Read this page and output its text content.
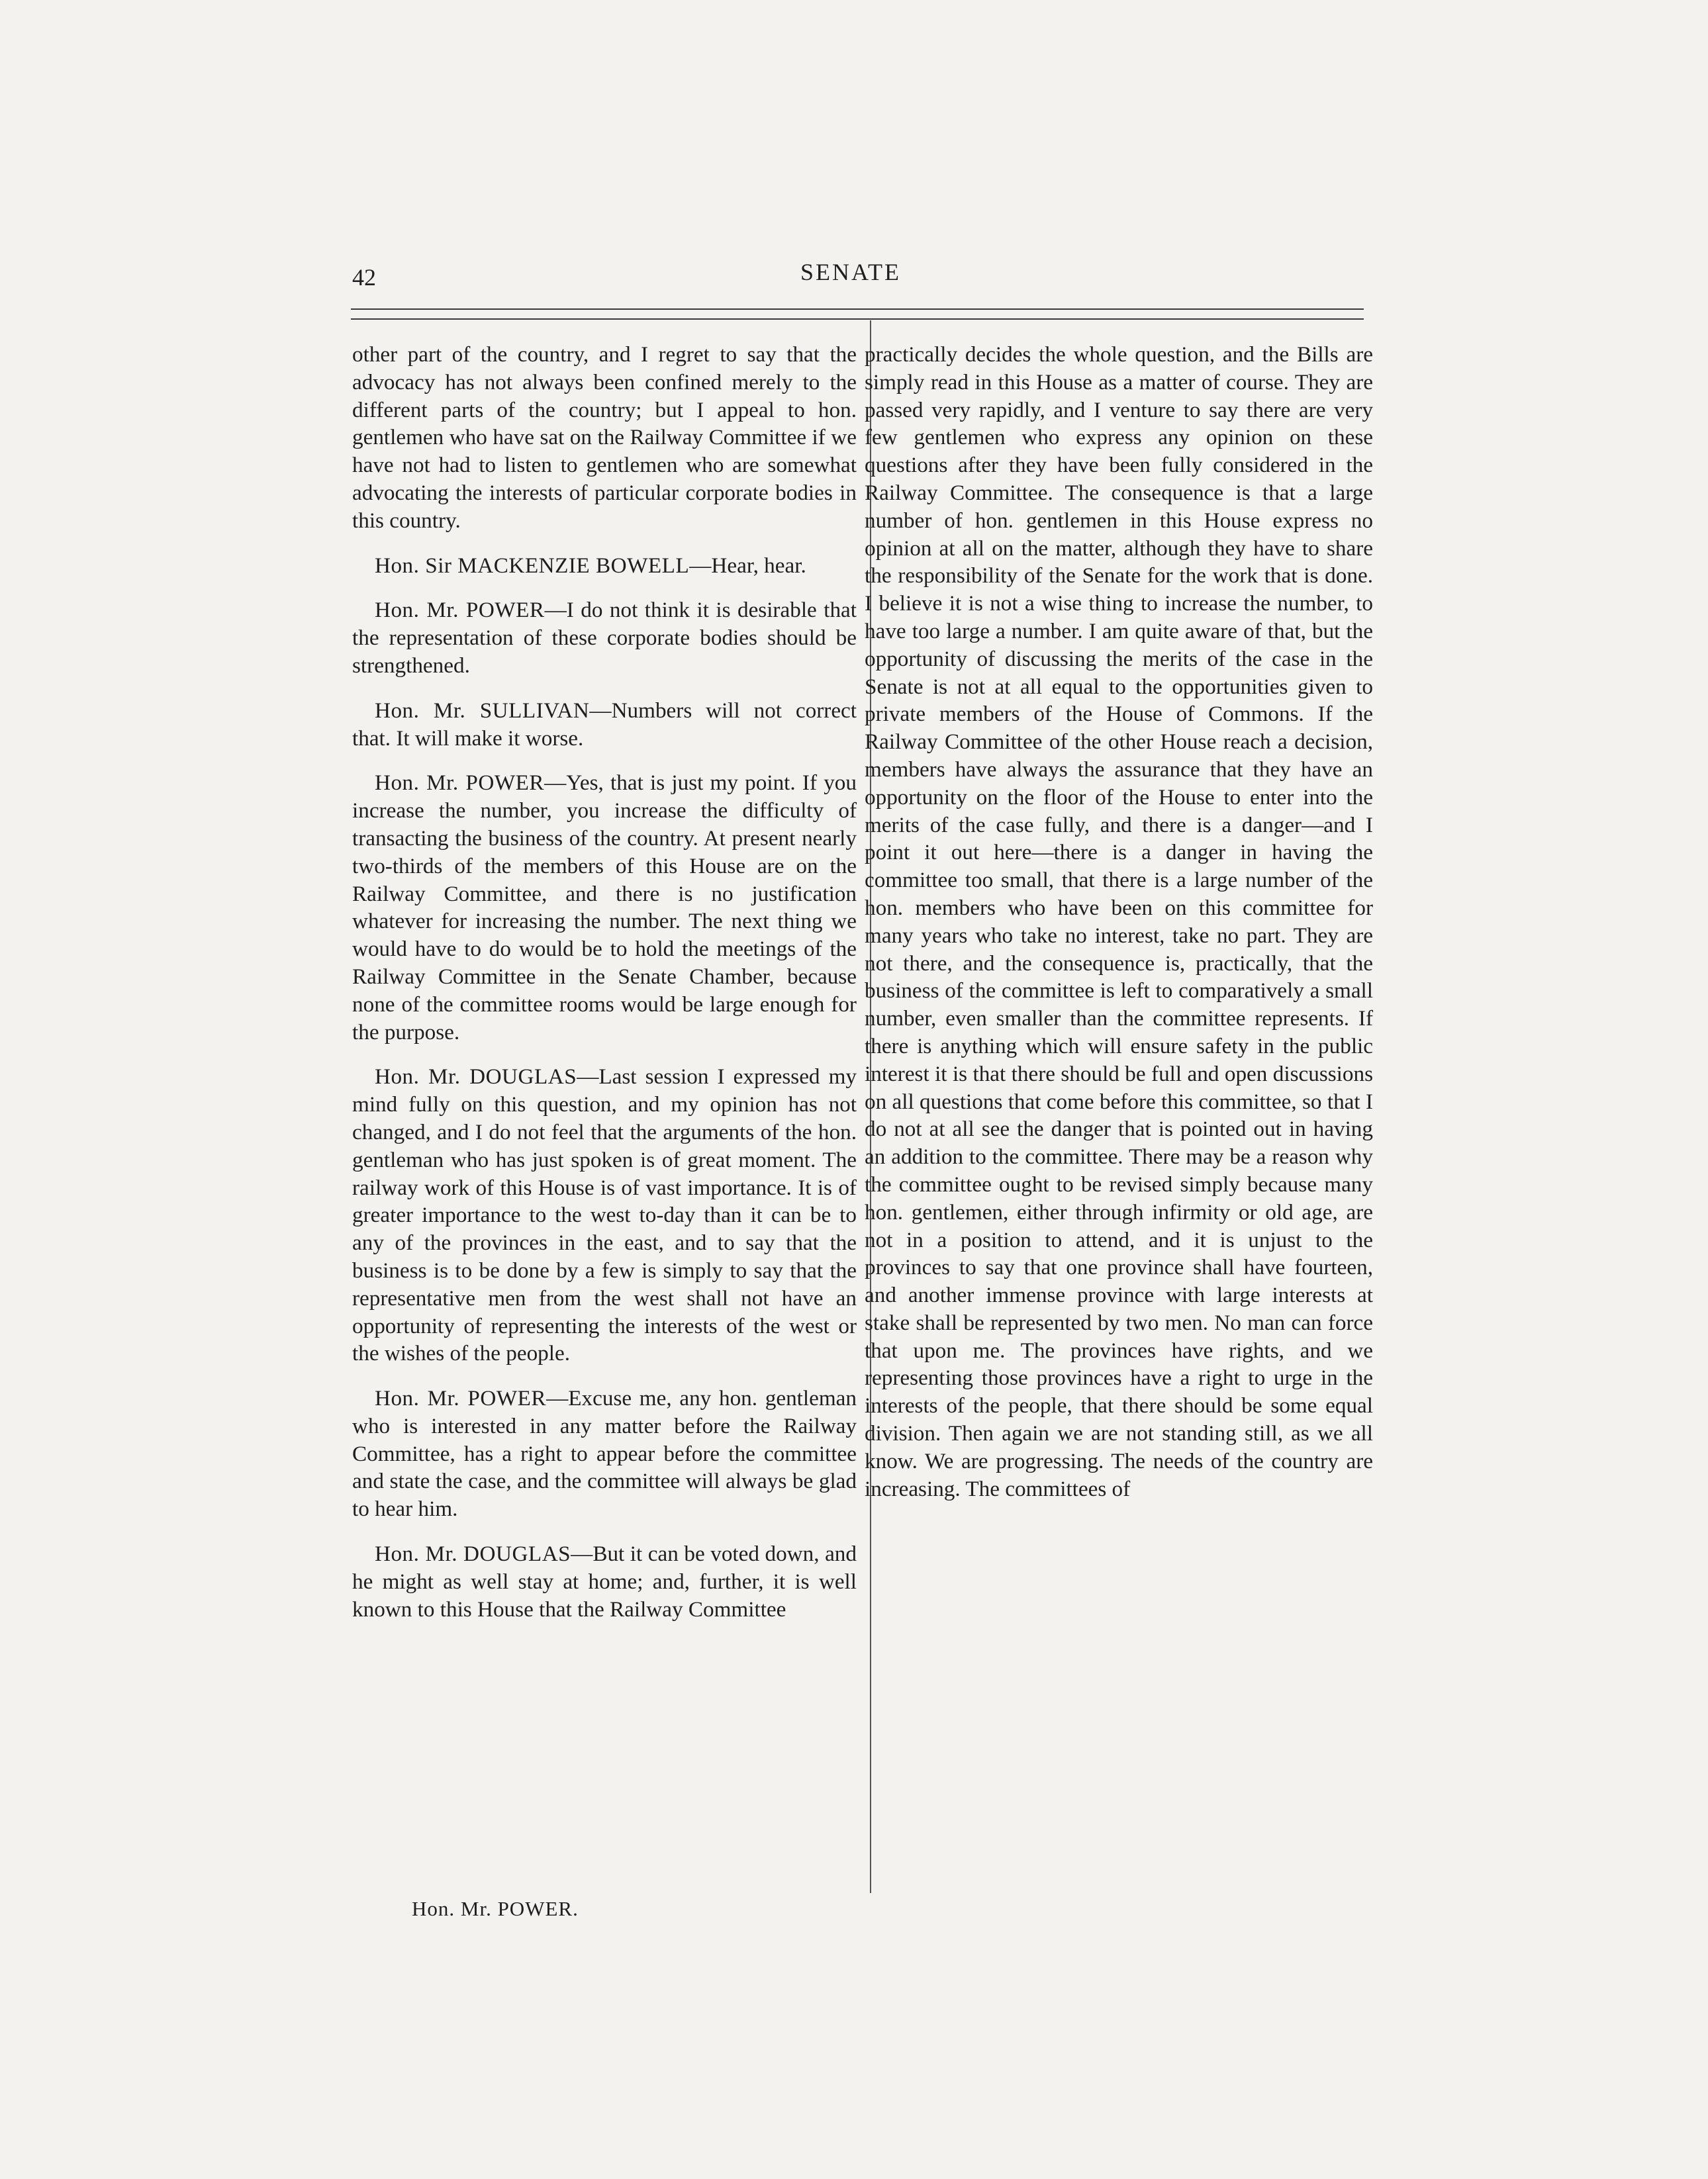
42	SENATE

other part of the country, and I regret to say that the advocacy has not always been confined merely to the different parts of the country; but I appeal to hon. gentlemen who have sat on the Railway Committee if we have not had to listen to gentlemen who are somewhat advocating the interests of particular corporate bodies in this country.

Hon. Sir MACKENZIE BOWELL—Hear, hear.

Hon. Mr. POWER—I do not think it is desirable that the representation of these corporate bodies should be strengthened.

Hon. Mr. SULLIVAN—Numbers will not correct that. It will make it worse.

Hon. Mr. POWER—Yes, that is just my point. If you increase the number, you increase the difficulty of transacting the business of the country. At present nearly two-thirds of the members of this House are on the Railway Committee, and there is no justification whatever for increasing the number. The next thing we would have to do would be to hold the meetings of the Railway Committee in the Senate Chamber, because none of the committee rooms would be large enough for the purpose.

Hon. Mr. DOUGLAS—Last session I expressed my mind fully on this question, and my opinion has not changed, and I do not feel that the arguments of the hon. gentleman who has just spoken is of great moment. The railway work of this House is of vast importance. It is of greater importance to the west to-day than it can be to any of the provinces in the east, and to say that the business is to be done by a few is simply to say that the representative men from the west shall not have an opportunity of representing the interests of the west or the wishes of the people.

Hon. Mr. POWER—Excuse me, any hon. gentleman who is interested in any matter before the Railway Committee, has a right to appear before the committee and state the case, and the committee will always be glad to hear him.

Hon. Mr. DOUGLAS—But it can be voted down, and he might as well stay at home; and, further, it is well known to this House that the Railway Committee

practically decides the whole question, and the Bills are simply read in this House as a matter of course. They are passed very rapidly, and I venture to say there are very few gentlemen who express any opinion on these questions after they have been fully considered in the Railway Committee. The consequence is that a large number of hon. gentlemen in this House express no opinion at all on the matter, although they have to share the responsibility of the Senate for the work that is done. I believe it is not a wise thing to increase the number, to have too large a number. I am quite aware of that, but the opportunity of discussing the merits of the case in the Senate is not at all equal to the opportunities given to private members of the House of Commons. If the Railway Committee of the other House reach a decision, members have always the assurance that they have an opportunity on the floor of the House to enter into the merits of the case fully, and there is a danger—and I point it out here—there is a danger in having the committee too small, that there is a large number of the hon. members who have been on this committee for many years who take no interest, take no part. They are not there, and the consequence is, practically, that the business of the committee is left to comparatively a small number, even smaller than the committee represents. If there is anything which will ensure safety in the public interest it is that there should be full and open discussions on all questions that come before this committee, so that I do not at all see the danger that is pointed out in having an addition to the committee. There may be a reason why the committee ought to be revised simply because many hon. gentlemen, either through infirmity or old age, are not in a position to attend, and it is unjust to the provinces to say that one province shall have fourteen, and another immense province with large interests at stake shall be represented by two men. No man can force that upon me. The provinces have rights, and we representing those provinces have a right to urge in the interests of the people, that there should be some equal division. Then again we are not standing still, as we all know. We are progressing. The needs of the country are increasing. The committees of

Hon. Mr. POWER.
